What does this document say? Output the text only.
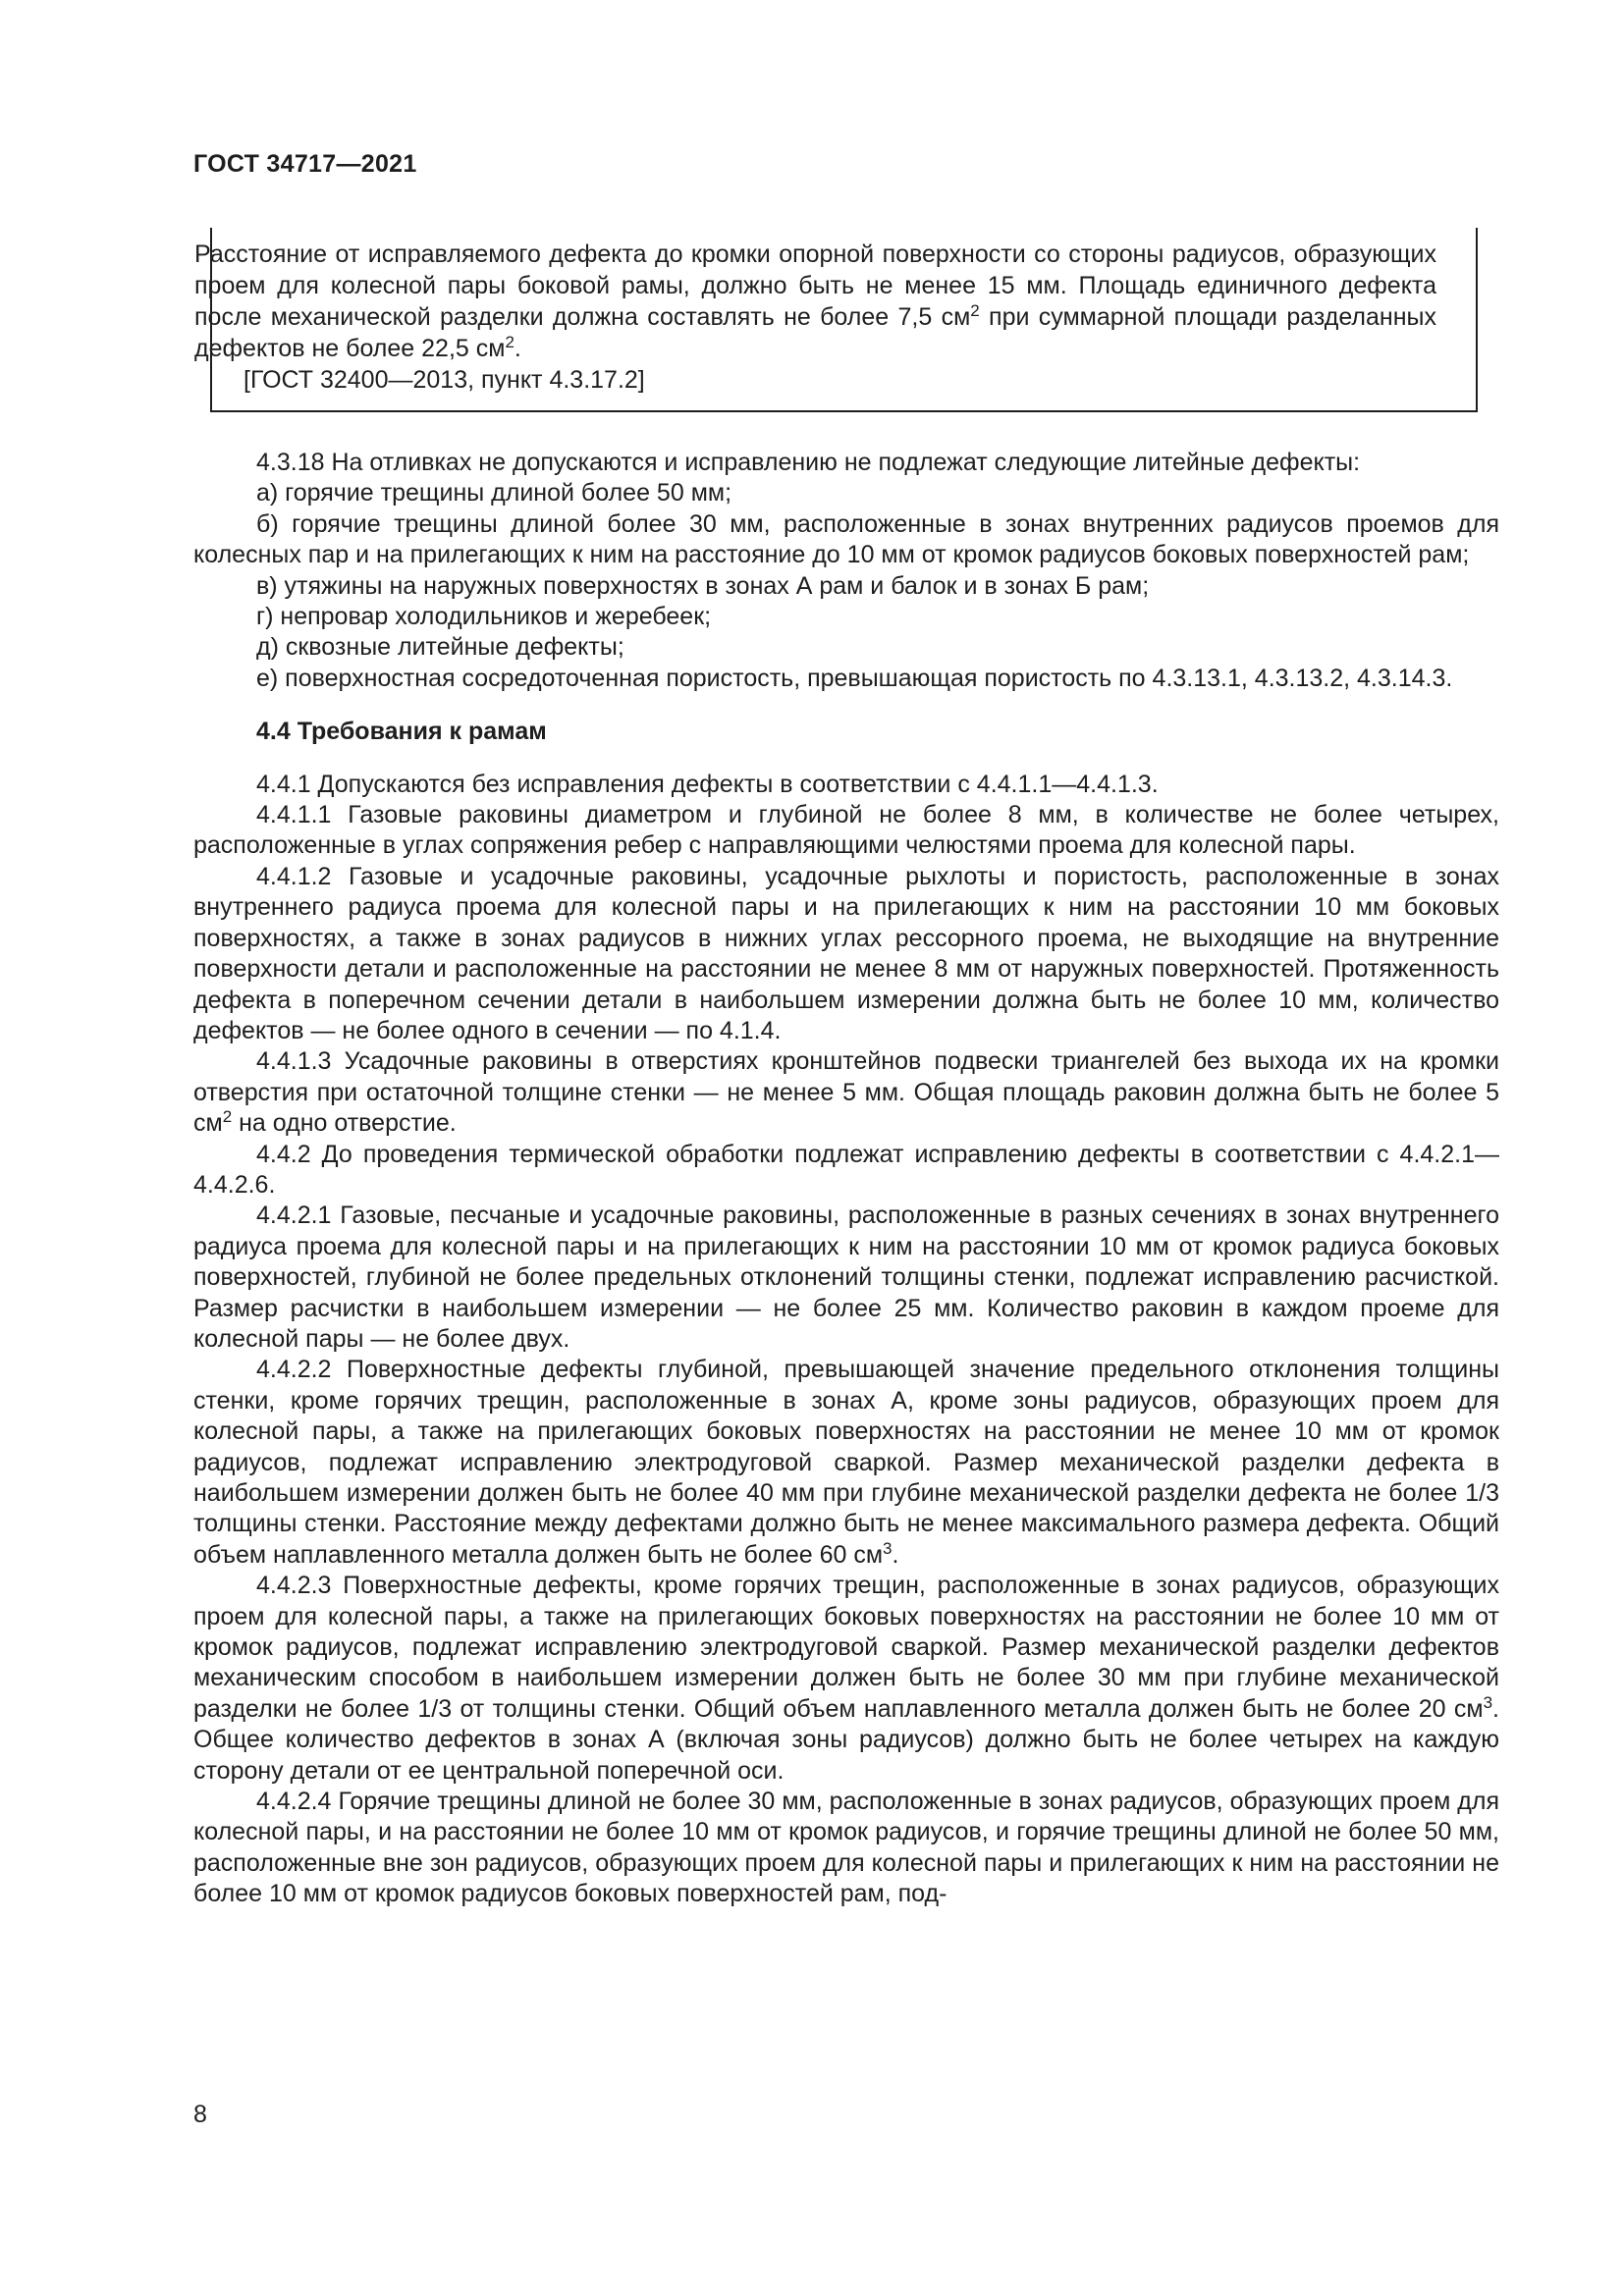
ГОСТ 34717—2021

4.3.18 На отливках не допускаются и исправлению не подлежат следующие литейные дефекты:

а) горячие трещины длиной более 50 мм;

б) горячие трещины длиной более 30 мм, расположенные в зонах внутренних радиусов проемов для колесных пар и на прилегающих к ним на расстояние до 10 мм от кромок радиусов боковых поверхностей рам;

в) утяжины на наружных поверхностях в зонах А рам и балок и в зонах Б рам;

г) непровар холодильников и жеребеек;

д) сквозные литейные дефекты;

е) поверхностная сосредоточенная пористость, превышающая пористость по 4.3.13.1, 4.3.13.2, 4.3.14.3.

4.4 Требования к рамам

4.4.1 Допускаются без исправления дефекты в соответствии с 4.4.1.1—4.4.1.3.

4.4.1.1 Газовые раковины диаметром и глубиной не более 8 мм, в количестве не более четырех, расположенные в углах сопряжения ребер с направляющими челюстями проема для колесной пары.

4.4.1.2 Газовые и усадочные раковины, усадочные рыхлоты и пористость, расположенные в зонах внутреннего радиуса проема для колесной пары и на прилегающих к ним на расстоянии 10 мм боковых поверхностях, а также в зонах радиусов в нижних углах рессорного проема, не выходящие на внутренние поверхности детали и расположенные на расстоянии не менее 8 мм от наружных поверхностей. Протяженность дефекта в поперечном сечении детали в наибольшем измерении должна быть не более 10 мм, количество дефектов — не более одного в сечении — по 4.1.4.

4.4.1.3 Усадочные раковины в отверстиях кронштейнов подвески триангелей без выхода их на кромки отверстия при остаточной толщине стенки — не менее 5 мм. Общая площадь раковин должна быть не более 5 $см^2$ на одно отверстие.

4.4.2 До проведения термической обработки подлежат исправлению дефекты в соответствии с 4.4.2.1—4.4.2.6.

4.4.2.1 Газовые, песчаные и усадочные раковины, расположенные в разных сечениях в зонах внутреннего радиуса проема для колесной пары и на прилегающих к ним на расстоянии 10 мм от кромок радиуса боковых поверхностей, глубиной не более предельных отклонений толщины стенки, подлежат исправлению расчисткой. Размер расчистки в наибольшем измерении — не более 25 мм. Количество раковин в каждом проеме для колесной пары — не более двух.

4.4.2.2 Поверхностные дефекты глубиной, превышающей значение предельного отклонения толщины стенки, кроме горячих трещин, расположенные в зонах А, кроме зоны радиусов, образующих проем для колесной пары, а также на прилегающих боковых поверхностях на расстоянии не менее 10 мм от кромок радиусов, подлежат исправлению электродуговой сваркой. Размер механической разделки дефекта в наибольшем измерении должен быть не более 40 мм при глубине механической разделки дефекта не более 1/3 толщины стенки. Расстояние между дефектами должно быть не менее максимального размера дефекта. Общий объем наплавленного металла должен быть не более 60 $см^3$.

4.4.2.3 Поверхностные дефекты, кроме горячих трещин, расположенные в зонах радиусов, образующих проем для колесной пары, а также на прилегающих боковых поверхностях на расстоянии не более 10 мм от кромок радиусов, подлежат исправлению электродуговой сваркой. Размер механической разделки дефектов механическим способом в наибольшем измерении должен быть не более 30 мм при глубине механической разделки не более 1/3 от толщины стенки. Общий объем наплавленного металла должен быть не более 20 $см^3$. Общее количество дефектов в зонах А (включая зоны радиусов) должно быть не более четырех на каждую сторону детали от ее центральной поперечной оси.

4.4.2.4 Горячие трещины длиной не более 30 мм, расположенные в зонах радиусов, образующих проем для колесной пары, и на расстоянии не более 10 мм от кромок радиусов, и горячие трещины длиной не более 50 мм, расположенные вне зон радиусов, образующих проем для колесной пары и прилегающих к ним на расстоянии не более 10 мм от кромок радиусов боковых поверхностей рам, под-

8

Расстояние от исправляемого дефекта до кромки опорной поверхности со стороны радиусов, образующих проем для колесной пары боковой рамы, должно быть не менее 15 мм. Площадь единичного дефекта после механической разделки должна составлять не более 7,5 $см^2$ при суммарной площади разделанных дефектов не более 22,5 $см^2$.

[ГОСТ 32400—2013, пункт 4.3.17.2]
